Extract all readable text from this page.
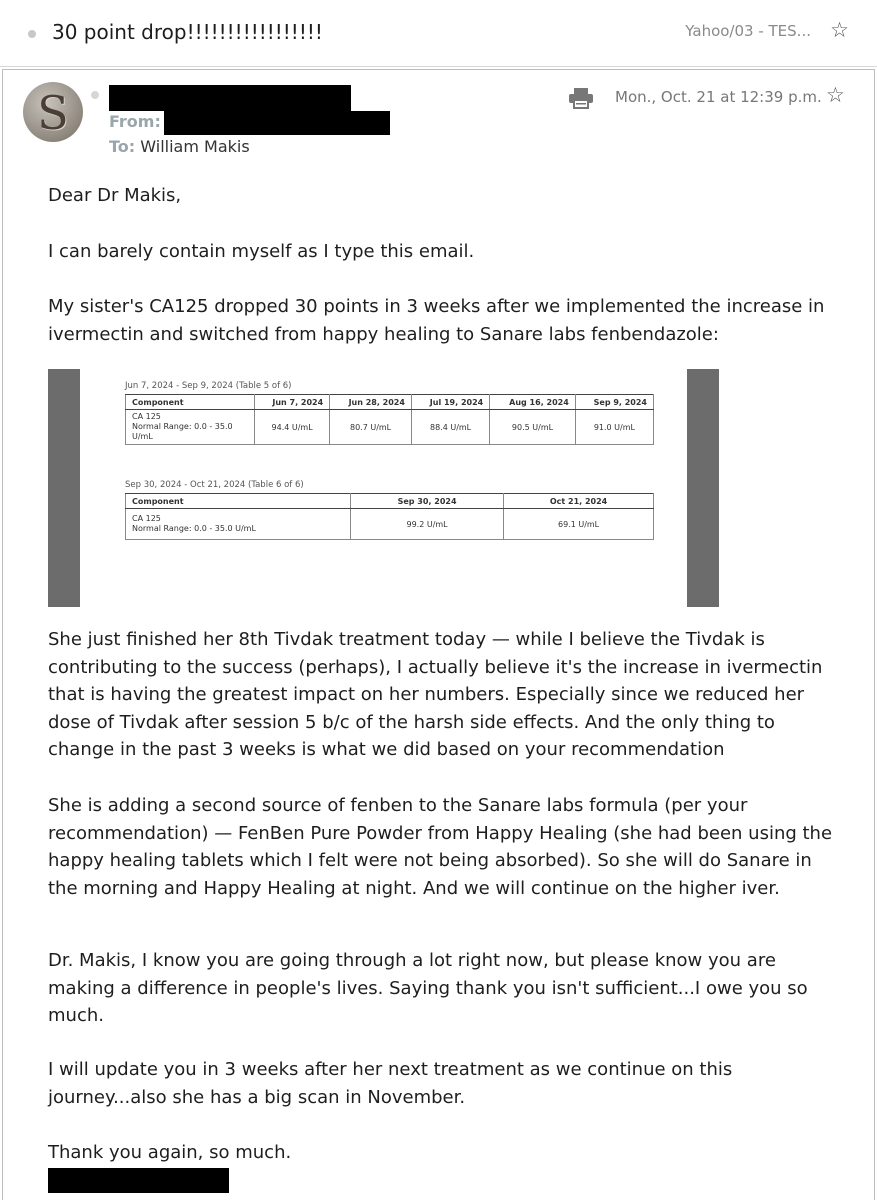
30 point drop!!!!!!!!!!!!!!!!!	Yahoo/03 - TES... ☆
S	From:
To: William Makis
Mon., Oct. 21 at 12:39 p.m. ☆
Dear Dr Makis,
I can barely contain myself as I type this email.
My sister's CA125 dropped 30 points in 3 weeks after we implemented the increase in ivermectin and switched from happy healing to Sanare labs fenbendazole:
Jun 7, 2024 - Sep 9, 2024 (Table 5 of 6)
Component	Jun 7, 2024	Jun 28, 2024	Jul 19, 2024	Aug 16, 2024	Sep 9, 2024

CA 125
Normal Range: 0.0 - 35.0
U/mL	94.4 U/mL	80.7 U/mL	88.4 U/mL	90.5 U/mL	91.0 U/mL
Sep 30, 2024 - Oct 21, 2024 (Table 6 of 6)
Component	Sep 30, 2024	Oct 21, 2024

CA 125
Normal Range: 0.0 - 35.0 U/mL	99.2 U/mL	69.1 U/mL
She just finished her 8th Tivdak treatment today — while I believe the Tivdak is contributing to the success (perhaps), I actually believe it's the increase in ivermectin that is having the greatest impact on her numbers. Especially since we reduced her dose of Tivdak after session 5 b/c of the harsh side effects. And the only thing to change in the past 3 weeks is what we did based on your recommendation
She is adding a second source of fenben to the Sanare labs formula (per your recommendation) — FenBen Pure Powder from Happy Healing (she had been using the happy healing tablets which I felt were not being absorbed). So she will do Sanare in the morning and Happy Healing at night. And we will continue on the higher iver.
Dr. Makis, I know you are going through a lot right now, but please know you are making a difference in people's lives. Saying thank you isn't sufficient...I owe you so much.
I will update you in 3 weeks after her next treatment as we continue on this journey...also she has a big scan in November.
Thank you again, so much.
